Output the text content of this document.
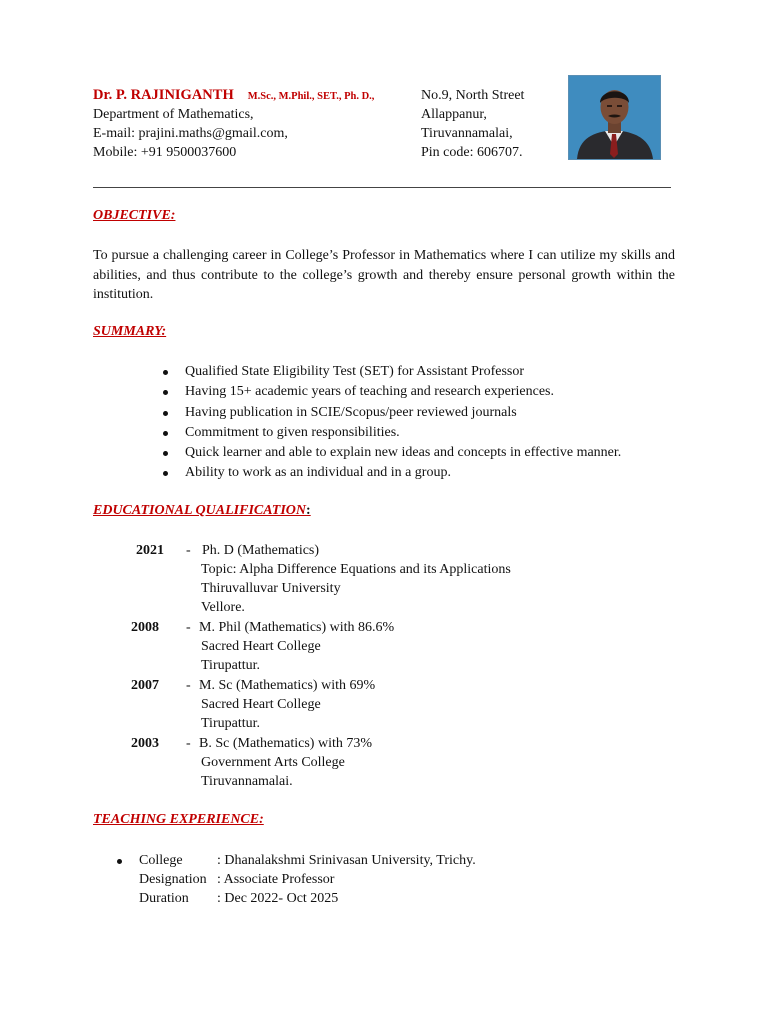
Dr. P. RAJINIGANTH M.Sc., M.Phil., SET., Ph. D.,
Department of Mathematics,
E-mail: prajini.maths@gmail.com,
Mobile: +91 9500037600
No.9, North Street
Allappanur,
Tiruvannamalai,
Pin code: 606707.
OBJECTIVE:
To pursue a challenging career in College’s Professor in Mathematics where I can utilize my skills and abilities, and thus contribute to the college’s growth and thereby ensure personal growth within the institution.
SUMMARY:
Qualified State Eligibility Test (SET) for Assistant Professor
Having 15+ academic years of teaching and research experiences.
Having publication in SCIE/Scopus/peer reviewed journals
Commitment to given responsibilities.
Quick learner and able to explain new ideas and concepts in effective manner.
Ability to work as an individual and in a group.
EDUCATIONAL QUALIFICATION:
2021 - Ph. D (Mathematics)
Topic: Alpha Difference Equations and its Applications
Thiruvalluvar University
Vellore.
2008 - M. Phil (Mathematics) with 86.6%
Sacred Heart College
Tirupattur.
2007 - M. Sc (Mathematics) with 69%
Sacred Heart College
Tirupattur.
2003 - B. Sc (Mathematics) with 73%
Government Arts College
Tiruvannamalai.
TEACHING EXPERIENCE:
College : Dhanalakshmi Srinivasan University, Trichy.
Designation : Associate Professor
Duration : Dec 2022- Oct 2025
